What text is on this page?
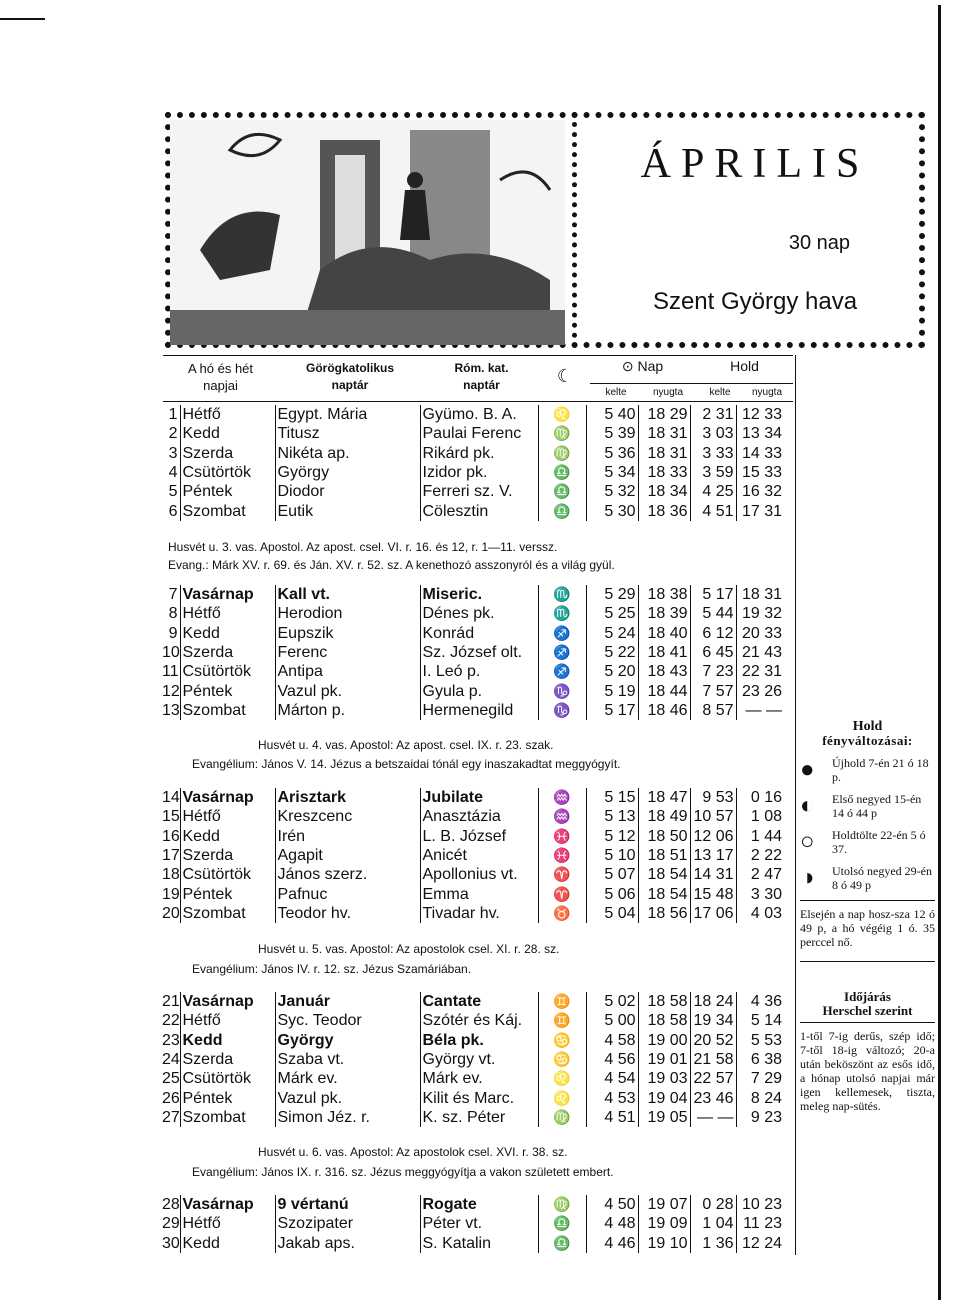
ÁPRILIS
30 nap
Szent György hava
A hó és hét
napjai
Görögkatolikus
naptár
Róm. kat.
naptár	☾	⊙ Nap	Hold
kelte	nyugta	kelte	nyugta
1	Hétfő	Egypt. Mária	Gyümo. B. A.	♌	5 40	18 29	2 31	12 33
2	Kedd	Titusz	Paulai Ferenc	♍	5 39	18 31	3 03	13 34
3	Szerda	Nikéta ap.	Rikárd pk.	♍	5 36	18 31	3 33	14 33
4	Csütörtök	György	Izidor pk.	♎	5 34	18 33	3 59	15 33
5	Péntek	Diodor	Ferreri sz. V.	♎	5 32	18 34	4 25	16 32
6	Szombat	Eutik	Cölesztin	♎	5 30	18 36	4 51	17 31
Husvét u. 3. vas. Apostol. Az apost. csel. VI. r. 16. és 12, r. 1—11. verssz.
Evang.: Márk XV. r. 69. és Ján. XV. r. 52. sz. A kenethozó asszonyról és a világ gyül.
7	Vasárnap	Kall vt.	Miseric.	♏	5 29	18 38	5 17	18 31
8	Hétfő	Herodion	Dénes pk.	♏	5 25	18 39	5 44	19 32
9	Kedd	Eupszik	Konrád	♐	5 24	18 40	6 12	20 33
10	Szerda	Ferenc	Sz. József olt.	♐	5 22	18 41	6 45	21 43
11	Csütörtök	Antipa	I. Leó p.	♐	5 20	18 43	7 23	22 31
12	Péntek	Vazul pk.	Gyula p.	♑	5 19	18 44	7 57	23 26
13	Szombat	Márton p.	Hermenegild	♑	5 17	18 46	8 57	— —
Husvét u. 4. vas. Apostol: Az apost. csel. IX. r. 23. szak.
Evangélium: János V. 14. Jézus a betszaidai tónál egy inaszakadtat meggyógyít.
14	Vasárnap	Arisztark	Jubilate	♒	5 15	18 47	9 53	0 16
15	Hétfő	Kreszcenc	Anasztázia	♒	5 13	18 49	10 57	1 08
16	Kedd	Irén	L. B. József	♓	5 12	18 50	12 06	1 44
17	Szerda	Agapit	Anicét	♓	5 10	18 51	13 17	2 22
18	Csütörtök	János szerz.	Apollonius vt.	♈	5 07	18 54	14 31	2 47
19	Péntek	Pafnuc	Emma	♈	5 06	18 54	15 48	3 30
20	Szombat	Teodor hv.	Tivadar hv.	♉	5 04	18 56	17 06	4 03
Husvét u. 5. vas. Apostol: Az apostolok csel. XI. r. 28. sz.
Evangélium: János IV. r. 12. sz. Jézus Szamáriában.
21	Vasárnap	Január	Cantate	♊	5 02	18 58	18 24	4 36
22	Hétfő	Syc. Teodor	Szótér és Káj.	♊	5 00	18 58	19 34	5 14
23	Kedd	György	Béla pk.	♋	4 58	19 00	20 52	5 53
24	Szerda	Szaba vt.	György vt.	♋	4 56	19 01	21 58	6 38
25	Csütörtök	Márk ev.	Márk ev.	♌	4 54	19 03	22 57	7 29
26	Péntek	Vazul pk.	Kilit és Marc.	♌	4 53	19 04	23 46	8 24
27	Szombat	Simon Jéz. r.	K. sz. Péter	♍	4 51	19 05	— —	9 23
Husvét u. 6. vas. Apostol: Az apostolok csel. XVI. r. 38. sz.
Evangélium: János IX. r. 316. sz. Jézus meggyógyítja a vakon született embert.
28	Vasárnap	9 vértanú	Rogate	♍	4 50	19 07	0 28	10 23
29	Hétfő	Szozipater	Péter vt.	♎	4 48	19 09	1 04	11 23
30	Kedd	Jakab aps.	S. Katalin	♎	4 46	19 10	1 36	12 24
Hold
fényváltozásai:
●	Újhold 7-én 21 ó 18 p.
◐	Első negyed 15-én 14 ó 44 p
○	Holdtölte 22-én 5 ó 37.
◑	Utolsó negyed 29-én 8 ó 49 p
Elsején a nap hosz-sza 12 ó 49 p, a hó végéig 1 ó. 35 perccel nő.
Időjárás
Herschel szerint
1-től 7-ig derűs, szép idő; 7-től 18-ig változó; 20-a után beköszönt az esős idő, a hónap utolsó napjai már igen kellemesek, tiszta, meleg nap-sütés.
